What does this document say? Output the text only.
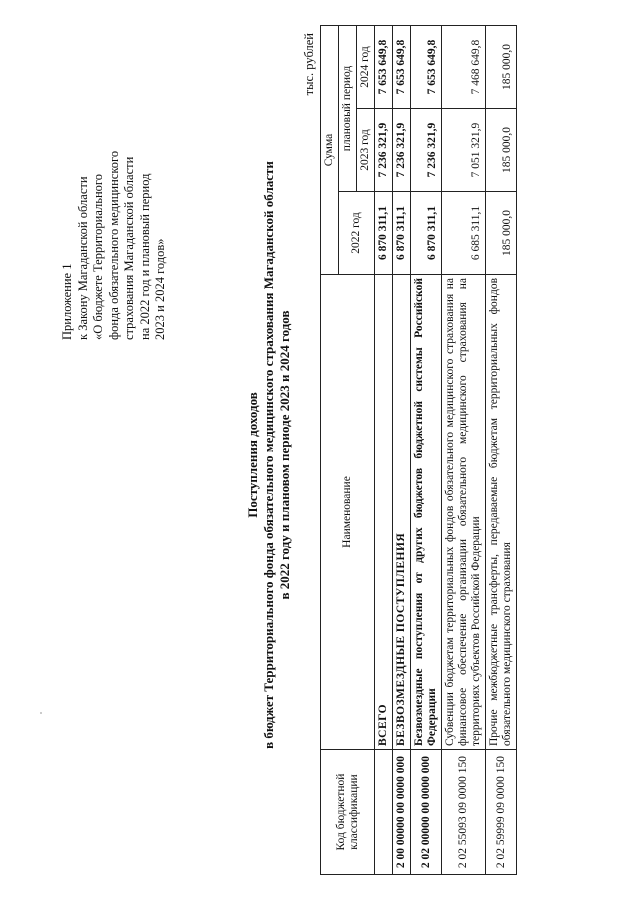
Приложение 1 к Закону Магаданской области «О бюджете Территориального фонда обязательного медицинского страхования Магаданской области на 2022 год и плановый период 2023 и 2024 годов»
Поступления доходов в бюджет Территориального фонда обязательного медицинского страхования Магаданской области в 2022 году и плановом периоде 2023 и 2024 годов
тыс. рублей
Код бюджетной классификации	Наименование	Сумма		
		2022 год	плановый период	
			2023 год	2024 год
	ВСЕГО	6 870 311,1	7 236 321,9	7 653 649,8
2 00 00000 00 0000 000	БЕЗВОЗМЕЗДНЫЕ ПОСТУПЛЕНИЯ	6 870 311,1	7 236 321,9	7 653 649,8
2 02 00000 00 0000 000	Безвозмездные поступления от других бюджетов бюджетной системы Российской Федерации	6 870 311,1	7 236 321,9	7 653 649,8
2 02 55093 09 0000 150	Субвенции бюджетам территориальных фондов обязательного медицинского страхования на финансовое обеспечение организации обязательного медицинского страхования на территориях субъектов Российской Федерации	6 685 311,1	7 051 321,9	7 468 649,8
2 02 59999 09 0000 150	Прочие межбюджетные трансферты, передаваемые бюджетам территориальных фондов обязательного медицинского страхования	185 000,0	185 000,0	185 000,0
